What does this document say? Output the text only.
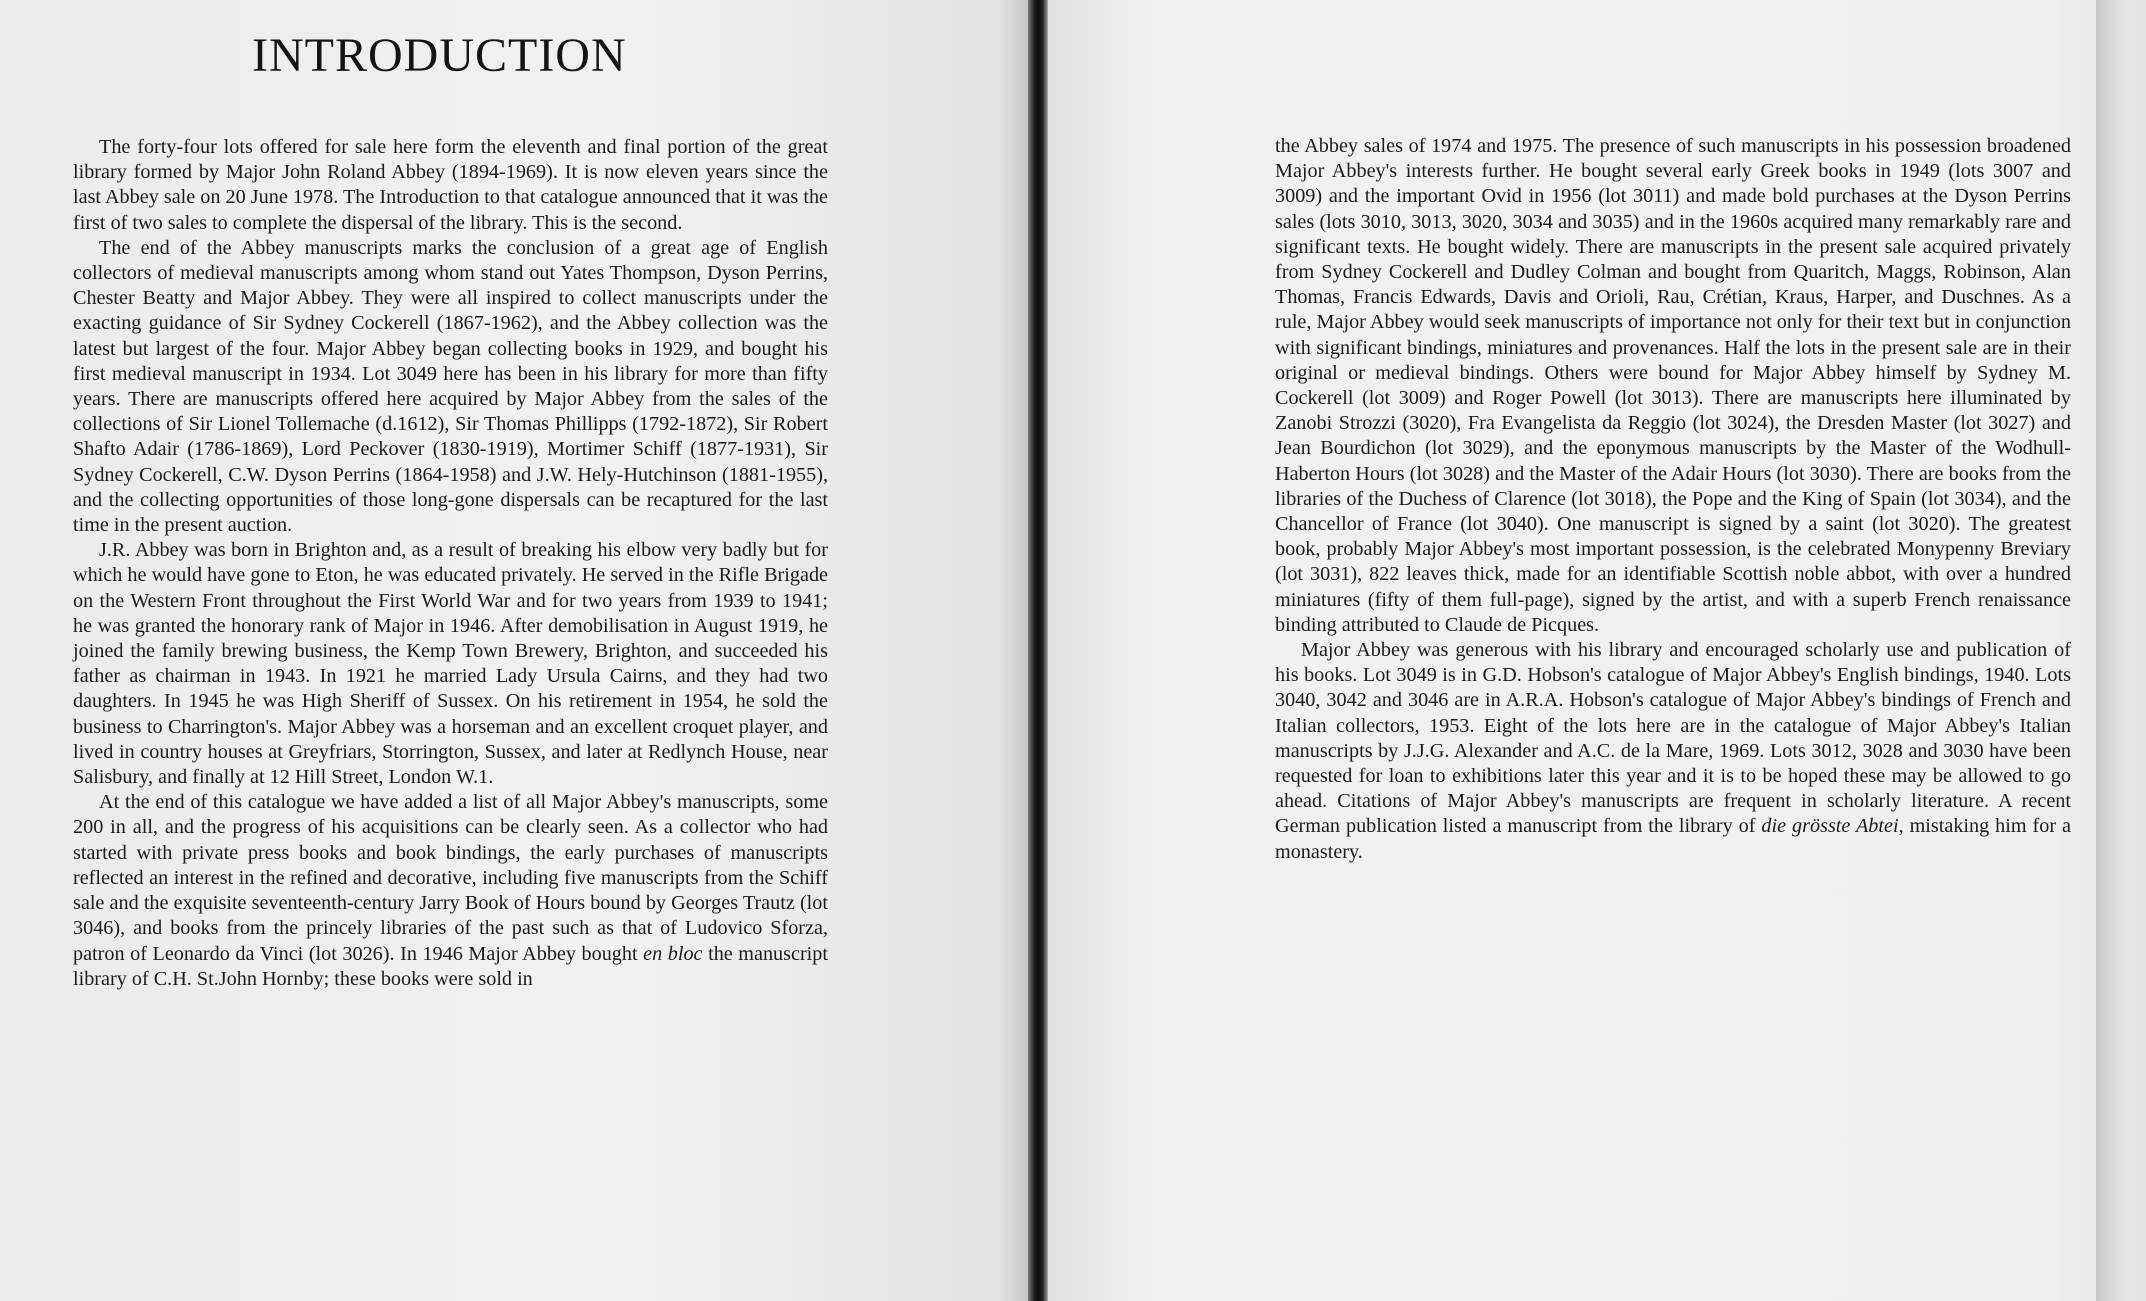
INTRODUCTION

The forty-four lots offered for sale here form the eleventh and final portion of the great library formed by Major John Roland Abbey (1894-1969). It is now eleven years since the last Abbey sale on 20 June 1978. The Introduction to that catalogue announced that it was the first of two sales to complete the dispersal of the library. This is the second.

The end of the Abbey manuscripts marks the conclusion of a great age of English collectors of medieval manuscripts among whom stand out Yates Thompson, Dyson Perrins, Chester Beatty and Major Abbey. They were all inspired to collect manuscripts under the exacting guidance of Sir Sydney Cockerell (1867-1962), and the Abbey collection was the latest but largest of the four. Major Abbey began collecting books in 1929, and bought his first medieval manuscript in 1934. Lot 3049 here has been in his library for more than fifty years. There are manuscripts offered here acquired by Major Abbey from the sales of the collections of Sir Lionel Tollemache (d.1612), Sir Thomas Phillipps (1792-1872), Sir Robert Shafto Adair (1786-1869), Lord Peckover (1830-1919), Mortimer Schiff (1877-1931), Sir Sydney Cockerell, C.W. Dyson Perrins (1864-1958) and J.W. Hely-Hutchinson (1881-1955), and the collecting opportunities of those long-gone dispersals can be recaptured for the last time in the present auction.

J.R. Abbey was born in Brighton and, as a result of breaking his elbow very badly but for which he would have gone to Eton, he was educated privately. He served in the Rifle Brigade on the Western Front throughout the First World War and for two years from 1939 to 1941; he was granted the honorary rank of Major in 1946. After demobilisation in August 1919, he joined the family brewing business, the Kemp Town Brewery, Brighton, and succeeded his father as chairman in 1943. In 1921 he married Lady Ursula Cairns, and they had two daughters. In 1945 he was High Sheriff of Sussex. On his retirement in 1954, he sold the business to Charrington's. Major Abbey was a horseman and an excellent croquet player, and lived in country houses at Greyfriars, Storrington, Sussex, and later at Redlynch House, near Salisbury, and finally at 12 Hill Street, London W.1.

At the end of this catalogue we have added a list of all Major Abbey's manuscripts, some 200 in all, and the progress of his acquisitions can be clearly seen. As a collector who had started with private press books and book bindings, the early purchases of manuscripts reflected an interest in the refined and decorative, including five manuscripts from the Schiff sale and the exquisite seventeenth-century Jarry Book of Hours bound by Georges Trautz (lot 3046), and books from the princely libraries of the past such as that of Ludovico Sforza, patron of Leonardo da Vinci (lot 3026). In 1946 Major Abbey bought en bloc the manuscript library of C.H. St.John Hornby; these books were sold in

the Abbey sales of 1974 and 1975. The presence of such manuscripts in his possession broadened Major Abbey's interests further. He bought several early Greek books in 1949 (lots 3007 and 3009) and the important Ovid in 1956 (lot 3011) and made bold purchases at the Dyson Perrins sales (lots 3010, 3013, 3020, 3034 and 3035) and in the 1960s acquired many remarkably rare and significant texts. He bought widely. There are manuscripts in the present sale acquired privately from Sydney Cockerell and Dudley Colman and bought from Quaritch, Maggs, Robinson, Alan Thomas, Francis Edwards, Davis and Orioli, Rau, Crétian, Kraus, Harper, and Duschnes. As a rule, Major Abbey would seek manuscripts of importance not only for their text but in conjunction with significant bindings, miniatures and provenances. Half the lots in the present sale are in their original or medieval bindings. Others were bound for Major Abbey himself by Sydney M. Cockerell (lot 3009) and Roger Powell (lot 3013). There are manuscripts here illuminated by Zanobi Strozzi (3020), Fra Evangelista da Reggio (lot 3024), the Dresden Master (lot 3027) and Jean Bourdichon (lot 3029), and the eponymous manuscripts by the Master of the Wodhull-Haberton Hours (lot 3028) and the Master of the Adair Hours (lot 3030). There are books from the libraries of the Duchess of Clarence (lot 3018), the Pope and the King of Spain (lot 3034), and the Chancellor of France (lot 3040). One manuscript is signed by a saint (lot 3020). The greatest book, probably Major Abbey's most important possession, is the celebrated Monypenny Breviary (lot 3031), 822 leaves thick, made for an identifiable Scottish noble abbot, with over a hundred miniatures (fifty of them full-page), signed by the artist, and with a superb French renaissance binding attributed to Claude de Picques.

Major Abbey was generous with his library and encouraged scholarly use and publication of his books. Lot 3049 is in G.D. Hobson's catalogue of Major Abbey's English bindings, 1940. Lots 3040, 3042 and 3046 are in A.R.A. Hobson's catalogue of Major Abbey's bindings of French and Italian collectors, 1953. Eight of the lots here are in the catalogue of Major Abbey's Italian manuscripts by J.J.G. Alexander and A.C. de la Mare, 1969. Lots 3012, 3028 and 3030 have been requested for loan to exhibitions later this year and it is to be hoped these may be allowed to go ahead. Citations of Major Abbey's manuscripts are frequent in scholarly literature. A recent German publication listed a manuscript from the library of die grösste Abtei, mistaking him for a monastery.
